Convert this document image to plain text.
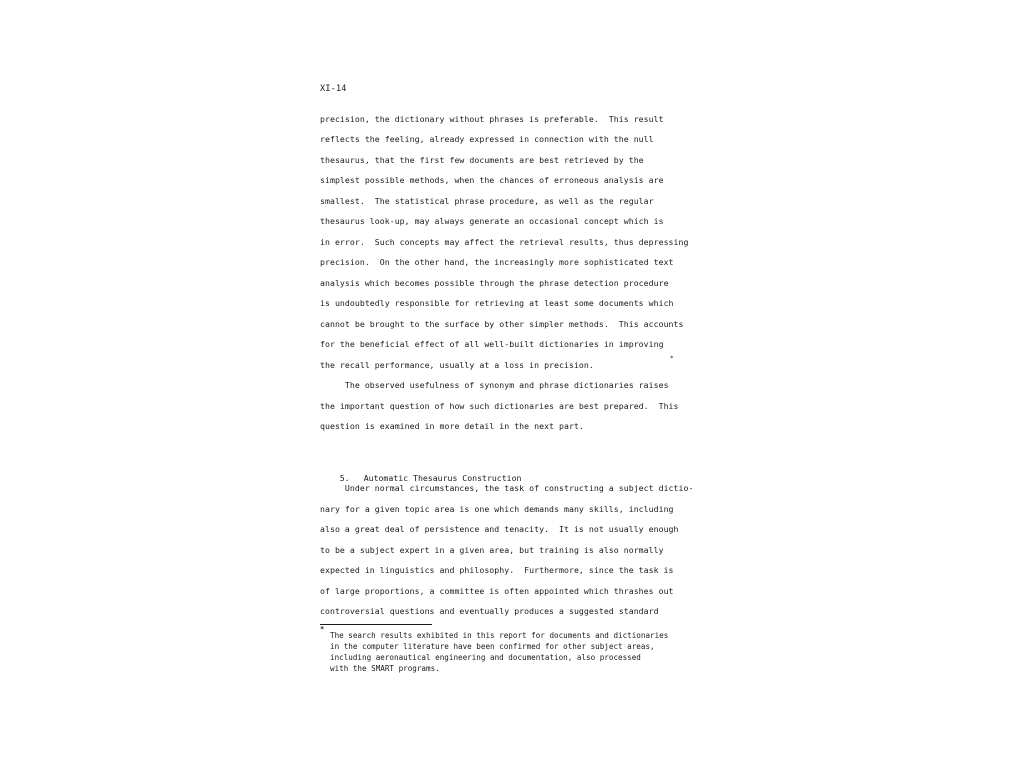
XI-14
precision, the dictionary without phrases is preferable.  This result
reflects the feeling, already expressed in connection with the null
thesaurus, that the first few documents are best retrieved by the
simplest possible methods, when the chances of erroneous analysis are
smallest.  The statistical phrase procedure, as well as the regular
thesaurus look-up, may always generate an occasional concept which is
in error.  Such concepts may affect the retrieval results, thus depressing
precision.  On the other hand, the increasingly more sophisticated text
analysis which becomes possible through the phrase detection procedure
is undoubtedly responsible for retrieving at least some documents which
cannot be brought to the surface by other simpler methods.  This accounts
for the beneficial effect of all well-built dictionaries in improving
the recall performance, usually at a loss in precision.
The observed usefulness of synonym and phrase dictionaries raises
the important question of how such dictionaries are best prepared.  This
question is examined in more detail in the next part.
*

5. Automatic Thesaurus Construction

Under normal circumstances, the task of constructing a subject dictio-
nary for a given topic area is one which demands many skills, including
also a great deal of persistence and tenacity.  It is not usually enough
to be a subject expert in a given area, but training is also normally
expected in linguistics and philosophy.  Furthermore, since the task is
of large proportions, a committee is often appointed which thrashes out
controversial questions and eventually produces a suggested standard
*
The search results exhibited in this report for documents and dictionaries
in the computer literature have been confirmed for other subject areas,
including aeronautical engineering and documentation, also processed
with the SMART programs.
